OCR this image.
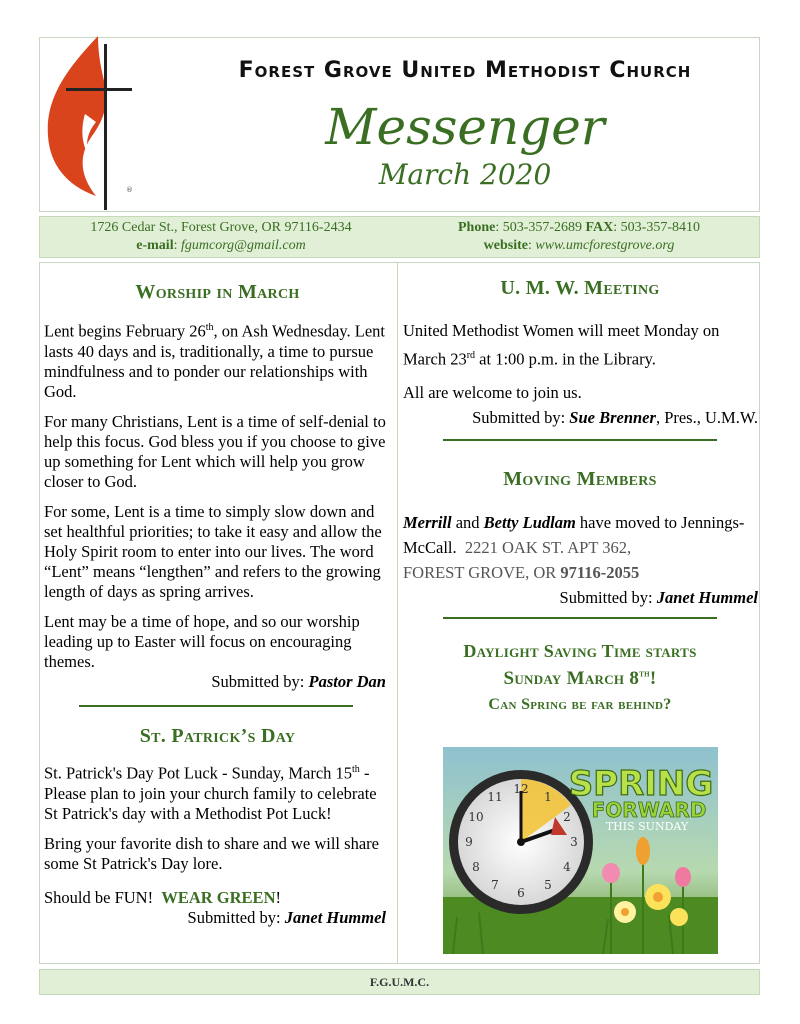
®
Forest Grove United Methodist Church
Messenger
March 2020
1726 Cedar St., Forest Grove, OR 97116-2434
e-mail: fgumcorg@gmail.com
Phone: 503-357-2689 FAX: 503-357-8410
website: www.umcforestgrove.org
Worship in March

Lent begins February 26th, on Ash Wednesday. Lent lasts 40 days and is, traditionally, a time to pursue mindfulness and to ponder our relationships with God.

For many Christians, Lent is a time of self-denial to help this focus. God bless you if you choose to give up something for Lent which will help you grow closer to God.

For some, Lent is a time to simply slow down and set healthful priorities; to take it easy and allow the Holy Spirit room to enter into our lives. The word “Lent” means “lengthen” and refers to the growing length of days as spring arrives.

Lent may be a time of hope, and so our worship leading up to Easter will focus on encouraging themes.

Submitted by: Pastor Dan
St. Patrick’s Day

St. Patrick's Day Pot Luck - Sunday, March 15th - Please plan to join your church family to celebrate St Patrick's day with a Methodist Pot Luck!

Bring your favorite dish to share and we will share some St Patrick's Day lore.

Should be FUN! WEAR GREEN!

Submitted by: Janet Hummel
U. M. W. Meeting

United Methodist Women will meet Monday on March 23rd at 1:00 p.m. in the Library.

All are welcome to join us.

Submitted by: Sue Brenner, Pres., U.M.W.
Moving Members
Merrill and Betty Ludlam have moved to Jennings-McCall. 2221 OAK ST. APT 362,
FOREST GROVE, OR 97116-2055
Submitted by: Janet Hummel
Daylight Saving Time starts
Sunday March 8th!
Can Spring be far behind?
12
1
2
3
4
5
6
7
8
9
10
11 SPRING
FORWARD
THIS SUNDAY
F.G.U.M.C.
